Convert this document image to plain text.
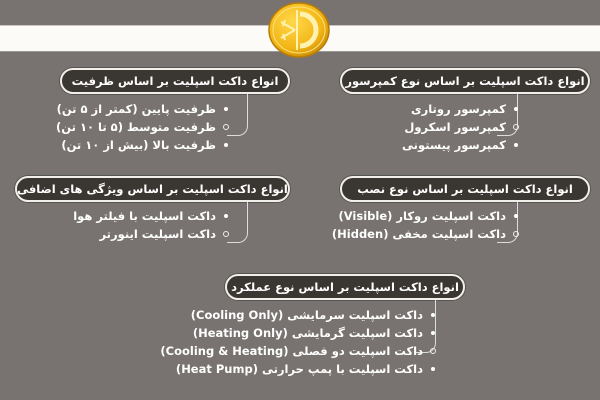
انواع داکت اسپلیت بر اساس نوع کمپرسور
کمپرسور روتاری
کمپرسور اسکرول
کمپرسور پیستونی
انواع داکت اسپلیت بر اساس ظرفیت
ظرفیت پایین (کمتر از ۵ تن)
ظرفیت متوسط (۵ تا ۱۰ تن)
ظرفیت بالا (بیش از ۱۰ تن)
انواع داکت اسپلیت بر اساس نوع نصب
داکت اسپلیت روکار (Visible)
داکت اسپلیت مخفی (Hidden)
انواع داکت اسپلیت بر اساس ویژگی های اضافی
داکت اسپلیت با فیلتر هوا
داکت اسپلیت اینورتر
انواع داکت اسپلیت بر اساس نوع عملکرد
داکت اسپلیت سرمایشی (Cooling Only)
داکت اسپلیت گرمایشی (Heating Only)
داکت اسپلیت دو فصلی (Cooling & Heating)
داکت اسپلیت با پمپ حرارتی (Heat Pump)
